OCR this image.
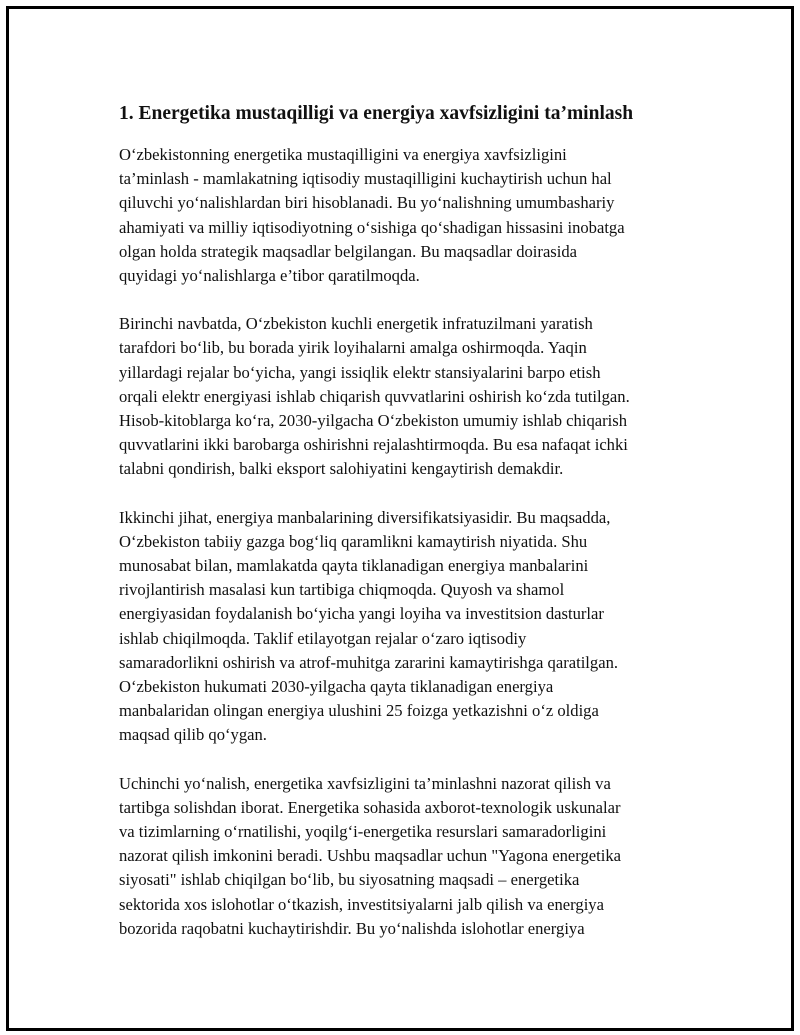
1. Energetika mustaqilligi va energiya xavfsizligini ta’minlash

O‘zbekistonning energetika mustaqilligini va energiya xavfsizligini
ta’minlash - mamlakatning iqtisodiy mustaqilligini kuchaytirish uchun hal
qiluvchi yo‘nalishlardan biri hisoblanadi. Bu yo‘nalishning umumbashariy
ahamiyati va milliy iqtisodiyotning o‘sishiga qo‘shadigan hissasini inobatga
olgan holda strategik maqsadlar belgilangan. Bu maqsadlar doirasida
quyidagi yo‘nalishlarga e’tibor qaratilmoqda.

Birinchi navbatda, O‘zbekiston kuchli energetik infratuzilmani yaratish
tarafdori bo‘lib, bu borada yirik loyihalarni amalga oshirmoqda. Yaqin
yillardagi rejalar bo‘yicha, yangi issiqlik elektr stansiyalarini barpo etish
orqali elektr energiyasi ishlab chiqarish quvvatlarini oshirish ko‘zda tutilgan.
Hisob-kitoblarga ko‘ra, 2030-yilgacha O‘zbekiston umumiy ishlab chiqarish
quvvatlarini ikki barobarga oshirishni rejalashtirmoqda. Bu esa nafaqat ichki
talabni qondirish, balki eksport salohiyatini kengaytirish demakdir.

Ikkinchi jihat, energiya manbalarining diversifikatsiyasidir. Bu maqsadda,
O‘zbekiston tabiiy gazga bog‘liq qaramlikni kamaytirish niyatida. Shu
munosabat bilan, mamlakatda qayta tiklanadigan energiya manbalarini
rivojlantirish masalasi kun tartibiga chiqmoqda. Quyosh va shamol
energiyasidan foydalanish bo‘yicha yangi loyiha va investitsion dasturlar
ishlab chiqilmoqda. Taklif etilayotgan rejalar o‘zaro iqtisodiy
samaradorlikni oshirish va atrof-muhitga zararini kamaytirishga qaratilgan.
O‘zbekiston hukumati 2030-yilgacha qayta tiklanadigan energiya
manbalaridan olingan energiya ulushini 25 foizga yetkazishni o‘z oldiga
maqsad qilib qo‘ygan.

Uchinchi yo‘nalish, energetika xavfsizligini ta’minlashni nazorat qilish va
tartibga solishdan iborat. Energetika sohasida axborot-texnologik uskunalar
va tizimlarning o‘rnatilishi, yoqilg‘i-energetika resurslari samaradorligini
nazorat qilish imkonini beradi. Ushbu maqsadlar uchun "Yagona energetika
siyosati" ishlab chiqilgan bo‘lib, bu siyosatning maqsadi – energetika
sektorida xos islohotlar o‘tkazish, investitsiyalarni jalb qilish va energiya
bozorida raqobatni kuchaytirishdir. Bu yo‘nalishda islohotlar energiya
